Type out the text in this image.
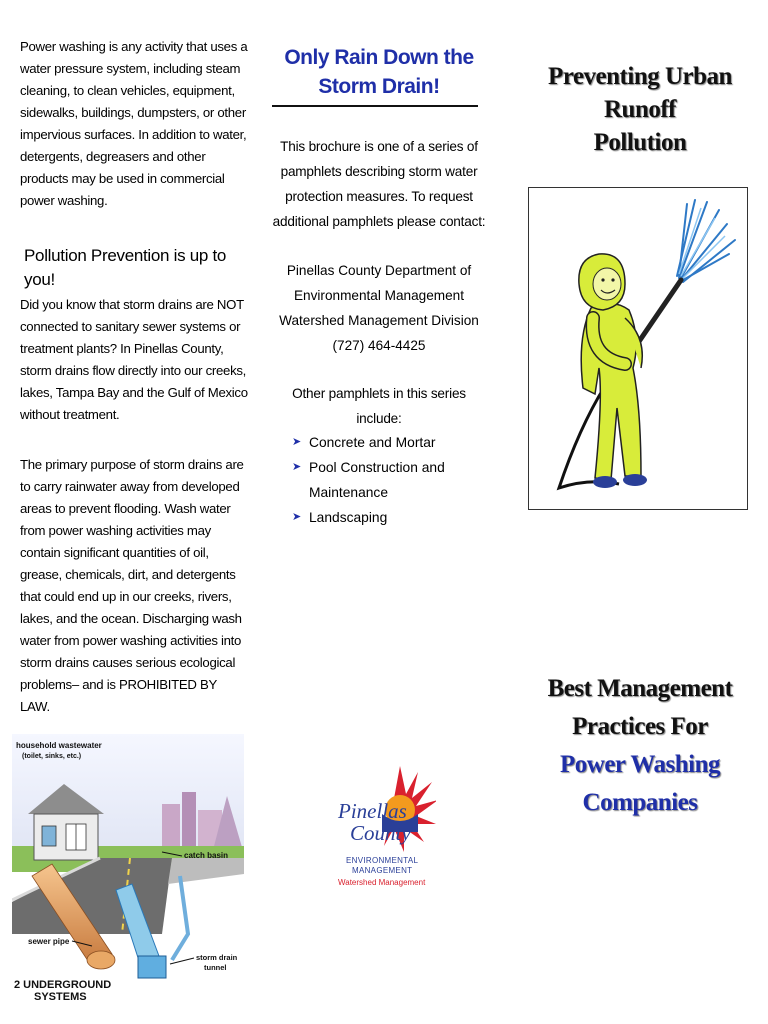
Power washing is any activity that uses a water pressure system, including steam cleaning, to clean vehicles, equipment, sidewalks, buildings, dumpsters, or other impervious surfaces. In addition to water, detergents, degreasers and other products may be used in commercial power washing.

Pollution Prevention is up to you!

Did you know that storm drains are NOT connected to sanitary sewer systems or treatment plants? In Pinellas County, storm drains flow directly into our creeks, lakes, Tampa Bay and the Gulf of Mexico without treatment.

The primary purpose of storm drains are to carry rainwater away from developed areas to prevent flooding. Wash water from power washing activities may contain significant quantities of oil, grease, chemicals, dirt, and detergents that could end up in our creeks, rivers, lakes, and the ocean. Discharging wash water from power washing activities into storm drains causes serious ecological problems– and is PROHIBITED BY LAW.

household wastewater
(toilet, sinks, etc.)
catch basin
sewer pipe
storm drain
tunnel
2 UNDERGROUND
SYSTEMS
Only Rain Down the
Storm Drain!

This brochure is one of a series of pamphlets describing storm water protection measures. To request additional pamphlets please contact:

Pinellas County Department of
Environmental Management
Watershed Management Division
(727) 464-4425

Other pamphlets in this series include:

➤ Concrete and Mortar
➤ Pool Construction and Maintenance
➤ Landscaping
Pinellas
County
ENVIRONMENTAL
MANAGEMENT
Watershed Management
Preventing Urban Runoff
Pollution
Best Management
Practices For
Power Washing
Companies
